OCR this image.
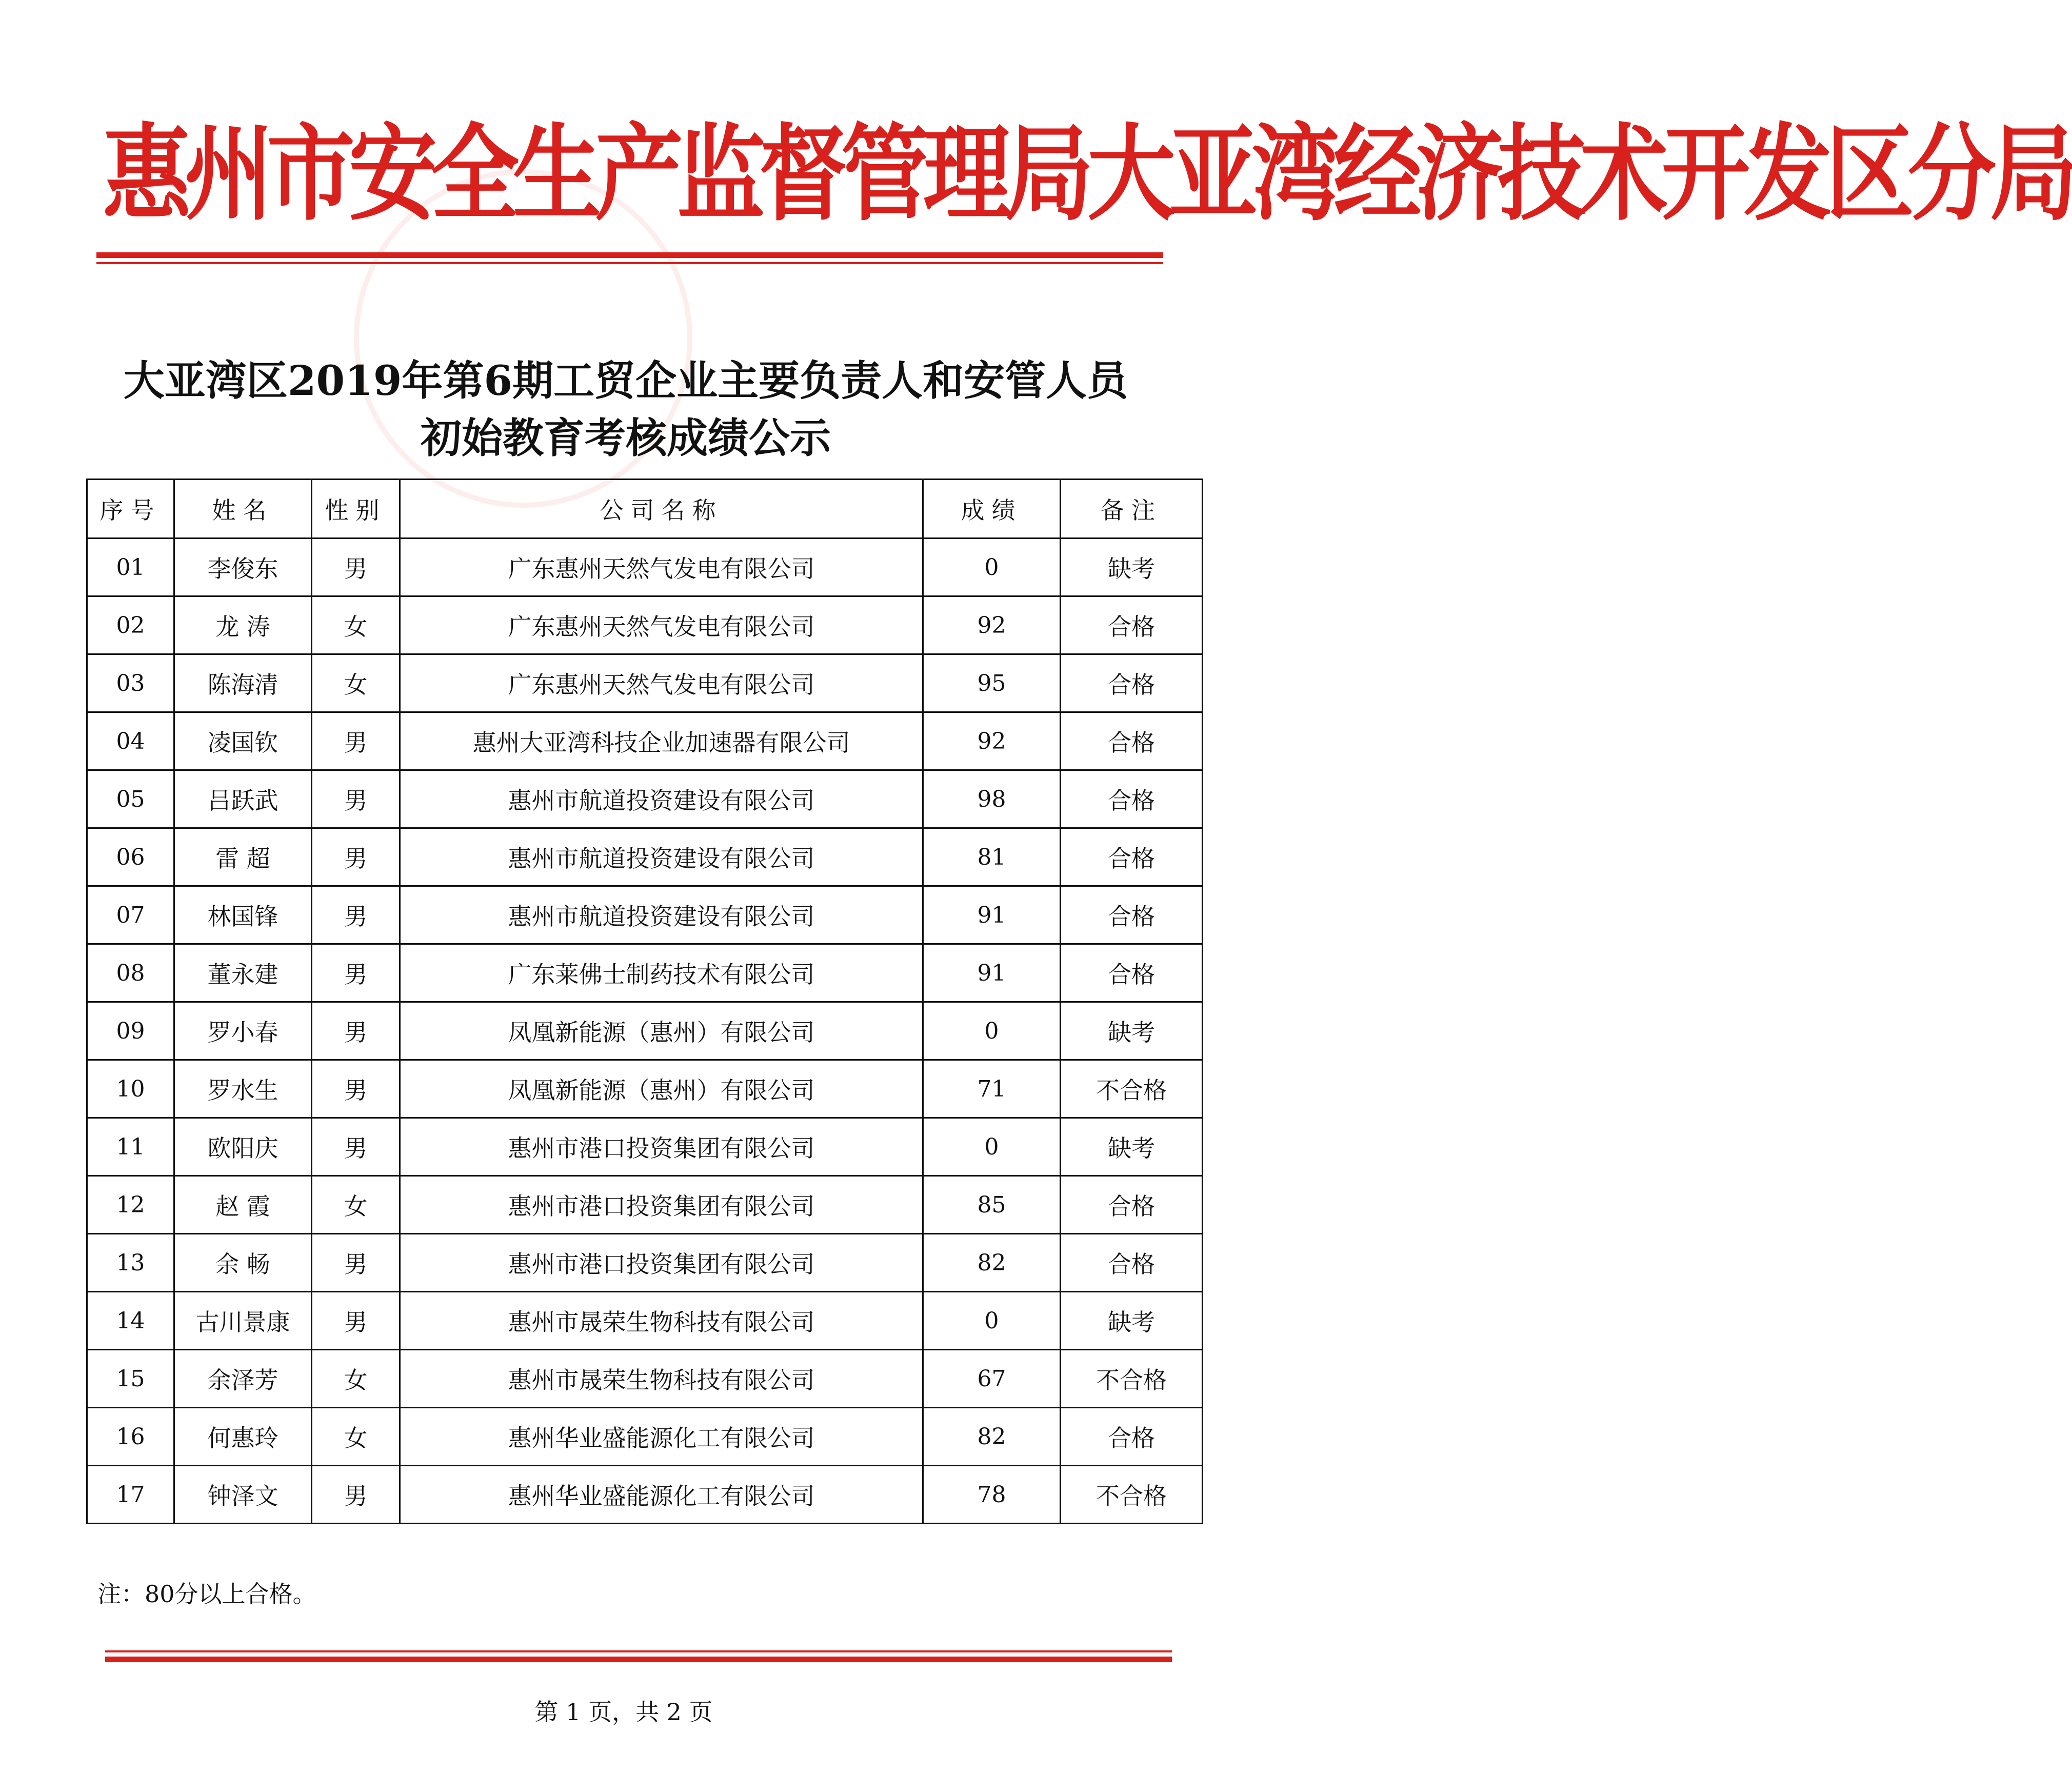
惠州市安全生产监督管理局大亚湾经济技术开发区分局
大亚湾区2019年第6期工贸企业主要负责人和安管人员
初始教育考核成绩公示
序号	姓名	性别	公司名称	成绩	备注
01	李俊东	男	广东惠州天然气发电有限公司	0	缺考
02	龙 涛	女	广东惠州天然气发电有限公司	92	合格
03	陈海清	女	广东惠州天然气发电有限公司	95	合格
04	凌国钦	男	惠州大亚湾科技企业加速器有限公司	92	合格
05	吕跃武	男	惠州市航道投资建设有限公司	98	合格
06	雷 超	男	惠州市航道投资建设有限公司	81	合格
07	林国锋	男	惠州市航道投资建设有限公司	91	合格
08	董永建	男	广东莱佛士制药技术有限公司	91	合格
09	罗小春	男	凤凰新能源（惠州）有限公司	0	缺考
10	罗水生	男	凤凰新能源（惠州）有限公司	71	不合格
11	欧阳庆	男	惠州市港口投资集团有限公司	0	缺考
12	赵 霞	女	惠州市港口投资集团有限公司	85	合格
13	余 畅	男	惠州市港口投资集团有限公司	82	合格
14	古川景康	男	惠州市晟荣生物科技有限公司	0	缺考
15	余泽芳	女	惠州市晟荣生物科技有限公司	67	不合格
16	何惠玲	女	惠州华业盛能源化工有限公司	82	合格
17	钟泽文	男	惠州华业盛能源化工有限公司	78	不合格
注：80分以上合格。
第 1 页，共 2 页
